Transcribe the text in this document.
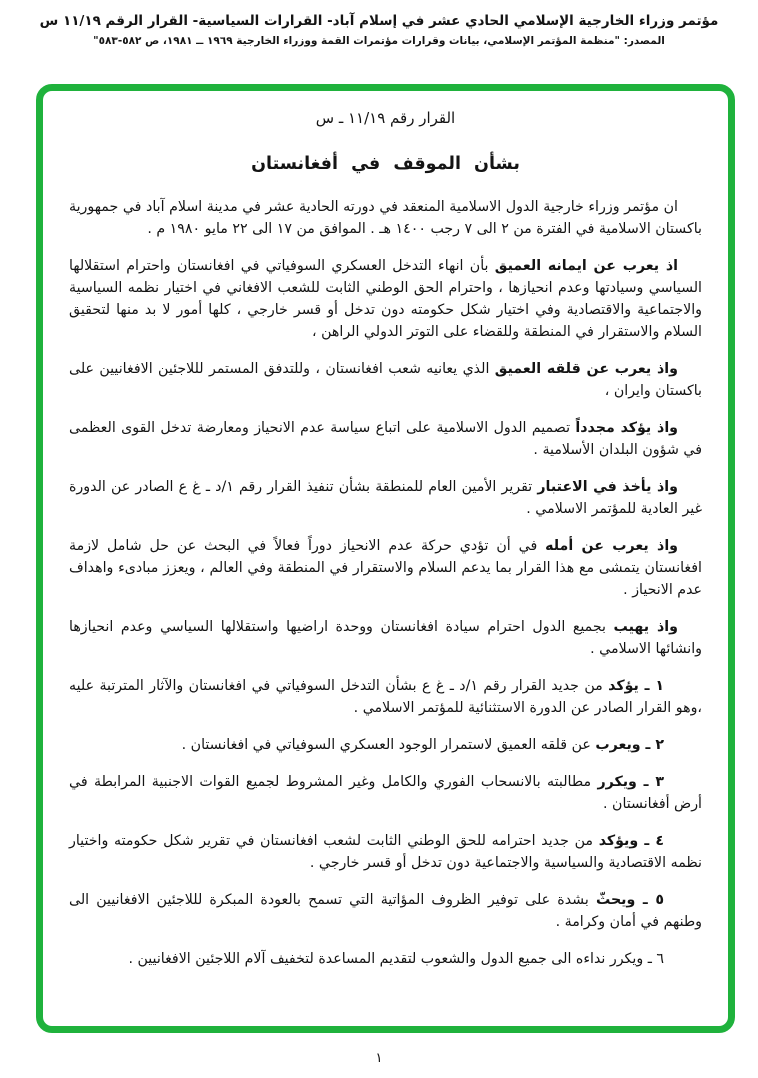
مؤتمر وزراء الخارجية الإسلامي الحادي عشر في إسلام آباد- القرارات السياسية- القرار الرقم ١١/١٩ س
المصدر: "منظمة المؤتمر الإسلامي، بيانات وقرارات مؤتمرات القمة ووزراء الخارجية ١٩٦٩ ــ ١٩٨١، ص ٥٨٢-٥٨٣"
القرار رقم ١١/١٩ ـ س
بشأن الموقف في أفغانستان

ان مؤتمر وزراء خارجية الدول الاسلامية المنعقد في دورته الحادية عشر في مدينة اسلام آباد في جمهورية باكستان الاسلامية في الفترة من ٢ الى ٧ رجب ١٤٠٠ هـ . الموافق من ١٧ الى ٢٢ مايو ١٩٨٠ م .

اذ يعرب عن ايمانه العميق بأن انهاء التدخل العسكري السوفياتي في افغانستان واحترام استقلالها السياسي وسيادتها وعدم انحيازها ، واحترام الحق الوطني الثابت للشعب الافغاني في اختيار نظمه السياسية والاجتماعية والاقتصادية وفي اختيار شكل حكومته دون تدخل أو قسر خارجي ، كلها أمور لا بد منها لتحقيق السلام والاستقرار في المنطقة وللقضاء على التوتر الدولي الراهن ،

واذ يعرب عن قلقه العميق الذي يعانيه شعب افغانستان ، وللتدفق المستمر لللاجئين الافغانيين على باكستان وايران ،

واذ يؤكد مجدداً تصميم الدول الاسلامية على اتباع سياسة عدم الانحياز ومعارضة تدخل القوى العظمى في شؤون البلدان الأسلامية .

واذ يأخذ في الاعتبار تقرير الأمين العام للمنطقة بشأن تنفيذ القرار رقم ١/د ـ غ ع الصادر عن الدورة غير العادية للمؤتمر الاسلامي .

واذ يعرب عن أمله في أن تؤدي حركة عدم الانحياز دوراً فعالاً في البحث عن حل شامل لازمة افغانستان يتمشى مع هذا القرار بما يدعم السلام والاستقرار في المنطقة وفي العالم ، ويعزز مبادىء واهداف عدم الانحياز .

واذ يهيب بجميع الدول احترام سيادة افغانستان ووحدة اراضيها واستقلالها السياسي وعدم انحيازها وانشائها الاسلامي .

١ ـ يؤكد من جديد القرار رقم ١/د ـ غ ع بشأن التدخل السوفياتي في افغانستان والآثار المترتبة عليه ،وهو القرار الصادر عن الدورة الاستثنائية للمؤتمر الاسلامي .

٢ ـ ويعرب عن قلقه العميق لاستمرار الوجود العسكري السوفياتي في افغانستان .

٣ ـ ويكرر مطالبته بالانسحاب الفوري والكامل وغير المشروط لجميع القوات الاجنبية المرابطة في أرض أفغانستان .

٤ ـ ويؤكد من جديد احترامه للحق الوطني الثابت لشعب افغانستان في تقرير شكل حكومته واختيار نظمه الاقتصادية والسياسية والاجتماعية دون تدخل أو قسر خارجي .

٥ ـ ويحثّ بشدة على توفير الظروف المؤاتية التي تسمح بالعودة المبكرة لللاجئين الافغانيين الى وطنهم في أمان وكرامة .

٦ ـ ويكرر نداءه الى جميع الدول والشعوب لتقديم المساعدة لتخفيف آلام اللاجئين الافغانيين .

١
